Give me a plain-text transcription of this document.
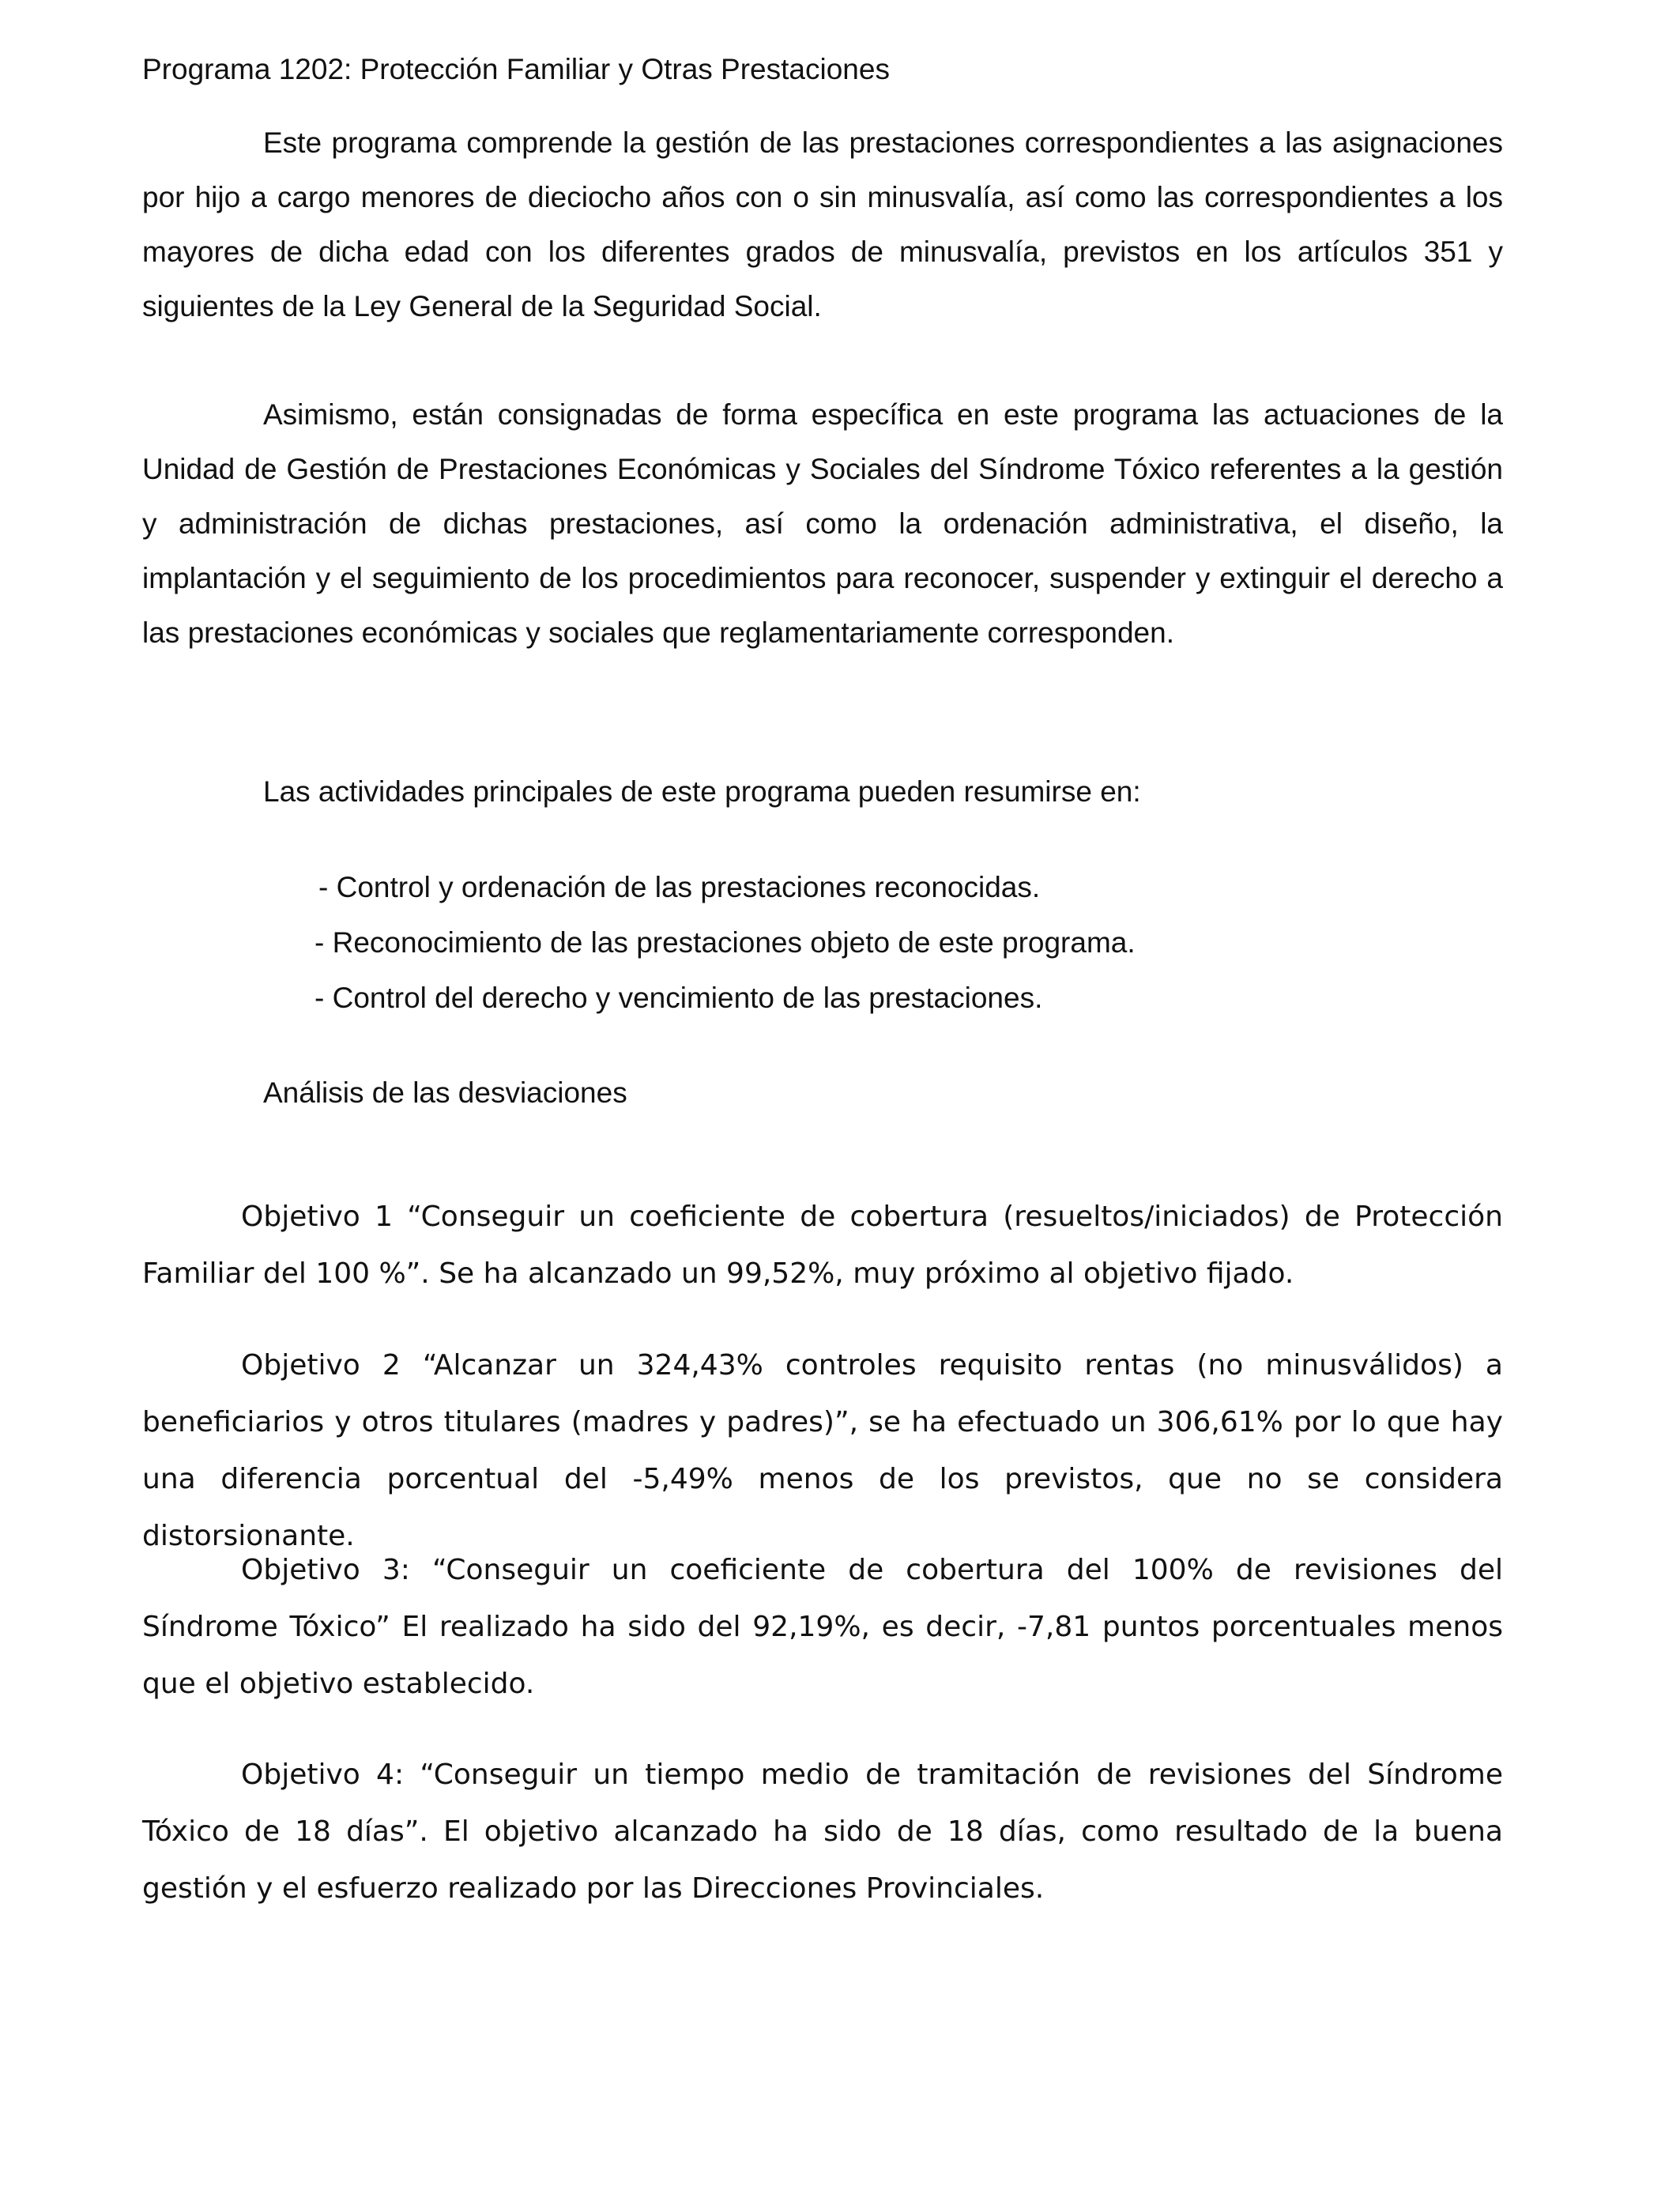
Programa 1202: Protección Familiar y Otras Prestaciones

Este programa comprende la gestión de las prestaciones correspondientes a las asignaciones por hijo a cargo menores de dieciocho años con o sin minusvalía, así como las correspondientes a los mayores de dicha edad con los diferentes grados de minusvalía, previstos en los artículos 351 y siguientes de la Ley General de la Seguridad Social.

Asimismo, están consignadas de forma específica en este programa las actuaciones de la Unidad de Gestión de Prestaciones Económicas y Sociales del Síndrome Tóxico referentes a la gestión y administración de dichas prestaciones, así como la ordenación administrativa, el diseño, la implantación y el seguimiento de los procedimientos para reconocer, suspender y extinguir el derecho a las prestaciones económicas y sociales que reglamentariamente corresponden.

Las actividades principales de este programa pueden resumirse en:

- Control y ordenación de las prestaciones reconocidas.

- Reconocimiento de las prestaciones objeto de este programa.

- Control del derecho y vencimiento de las prestaciones.

Análisis de las desviaciones

Objetivo 1 “Conseguir un coeficiente de cobertura (resueltos/iniciados) de Protección Familiar del 100 %”. Se ha alcanzado un 99,52%, muy próximo al objetivo fijado.

Objetivo 2 “Alcanzar un 324,43% controles requisito rentas (no minusválidos) a beneficiarios y otros titulares (madres y padres)”, se ha efectuado un 306,61% por lo que hay una diferencia porcentual del -5,49% menos de los previstos, que no se considera distorsionante.

Objetivo 3: “Conseguir un coeficiente de cobertura del 100% de revisiones del Síndrome Tóxico” El realizado ha sido del 92,19%, es decir, -7,81 puntos porcentuales menos que el objetivo establecido.

Objetivo 4: “Conseguir un tiempo medio de tramitación de revisiones del Síndrome Tóxico de 18 días”. El objetivo alcanzado ha sido de 18 días, como resultado de la buena gestión y el esfuerzo realizado por las Direcciones Provinciales.
